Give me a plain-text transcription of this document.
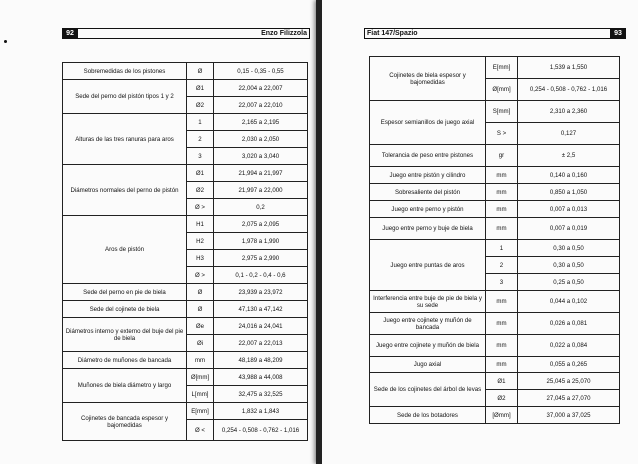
92	Enzo Filizzola
Sobremedidas de los pistones	Ø	0,15 - 0,35 - 0,55
Sede del perno del pistón tipos 1 y 2	Ø1	22,004 a 22,007
	Ø2	22,007 a 22,010
Alturas de las tres ranuras para aros	1	2,165 a 2,195
	2	2,030 a 2,050
	3	3,020 a 3,040
Diámetros normales del perno de pistón	Ø1	21,994 a 21,997
	Ø2	21,997 a 22,000
	Ø >	0,2
Aros de pistón	H1	2,075 a 2,095
	H2	1,978 a 1,990
	H3	2,975 a 2,990
	Ø >	0,1 - 0,2 - 0,4 - 0,6
Sede del perno en pie de biela	Ø	23,939 a 23,972
Sede del cojinete de biela	Ø	47,130 a 47,142
Diámetros interno y externo del buje del pie de biela	Øe	24,016 a 24,041
	Øi	22,007 a 22,013
Diámetro de muñones de bancada	mm	48,189 a 48,209
Muñones de biela diámetro y largo	Ø[mm]	43,988 a 44,008
	L[mm]	32,475 a 32,525
Cojinetes de bancada espesor y bajomedidas	E[mm]	1,832 a 1,843
	Ø <	0,254 - 0,508 - 0,762 - 1,016
Fiat 147/Spazio	93
Cojinetes de biela espesor y bajomedidas	E[mm]	1,539 a 1,550
	Ø[mm]	0,254 - 0,508 - 0,762 - 1,016
Espesor semianillos de juego axial	S[mm]	2,310 a 2,360
	S >	0,127
Tolerancia de peso entre pistones	gr	± 2,5
Juego entre pistón y cilindro	mm	0,140 a 0,160
Sobresaliente del pistón	mm	0,850 a 1,050
Juego entre perno y pistón	mm	0,007 a 0,013
Juego entre perno y buje de biela	mm	0,007 a 0,019
Juego entre puntas de aros	1	0,30 a 0,50
	2	0,30 a 0,50
	3	0,25 a 0,50
Interferencia entre buje de pie de biela y su sede	mm	0,044 a 0,102
Juego entre cojinete y muñón de bancada	mm	0,026 a 0,081
Juego entre cojinete y muñón de biela	mm	0,022 a 0,084
Jugo axial	mm	0,055 a 0,265
Sede de los cojinetes del árbol de levas	Ø1	25,045 a 25,070
	Ø2	27,045 a 27,070
Sede de los botadores	[Ømm]	37,000 a 37,025
